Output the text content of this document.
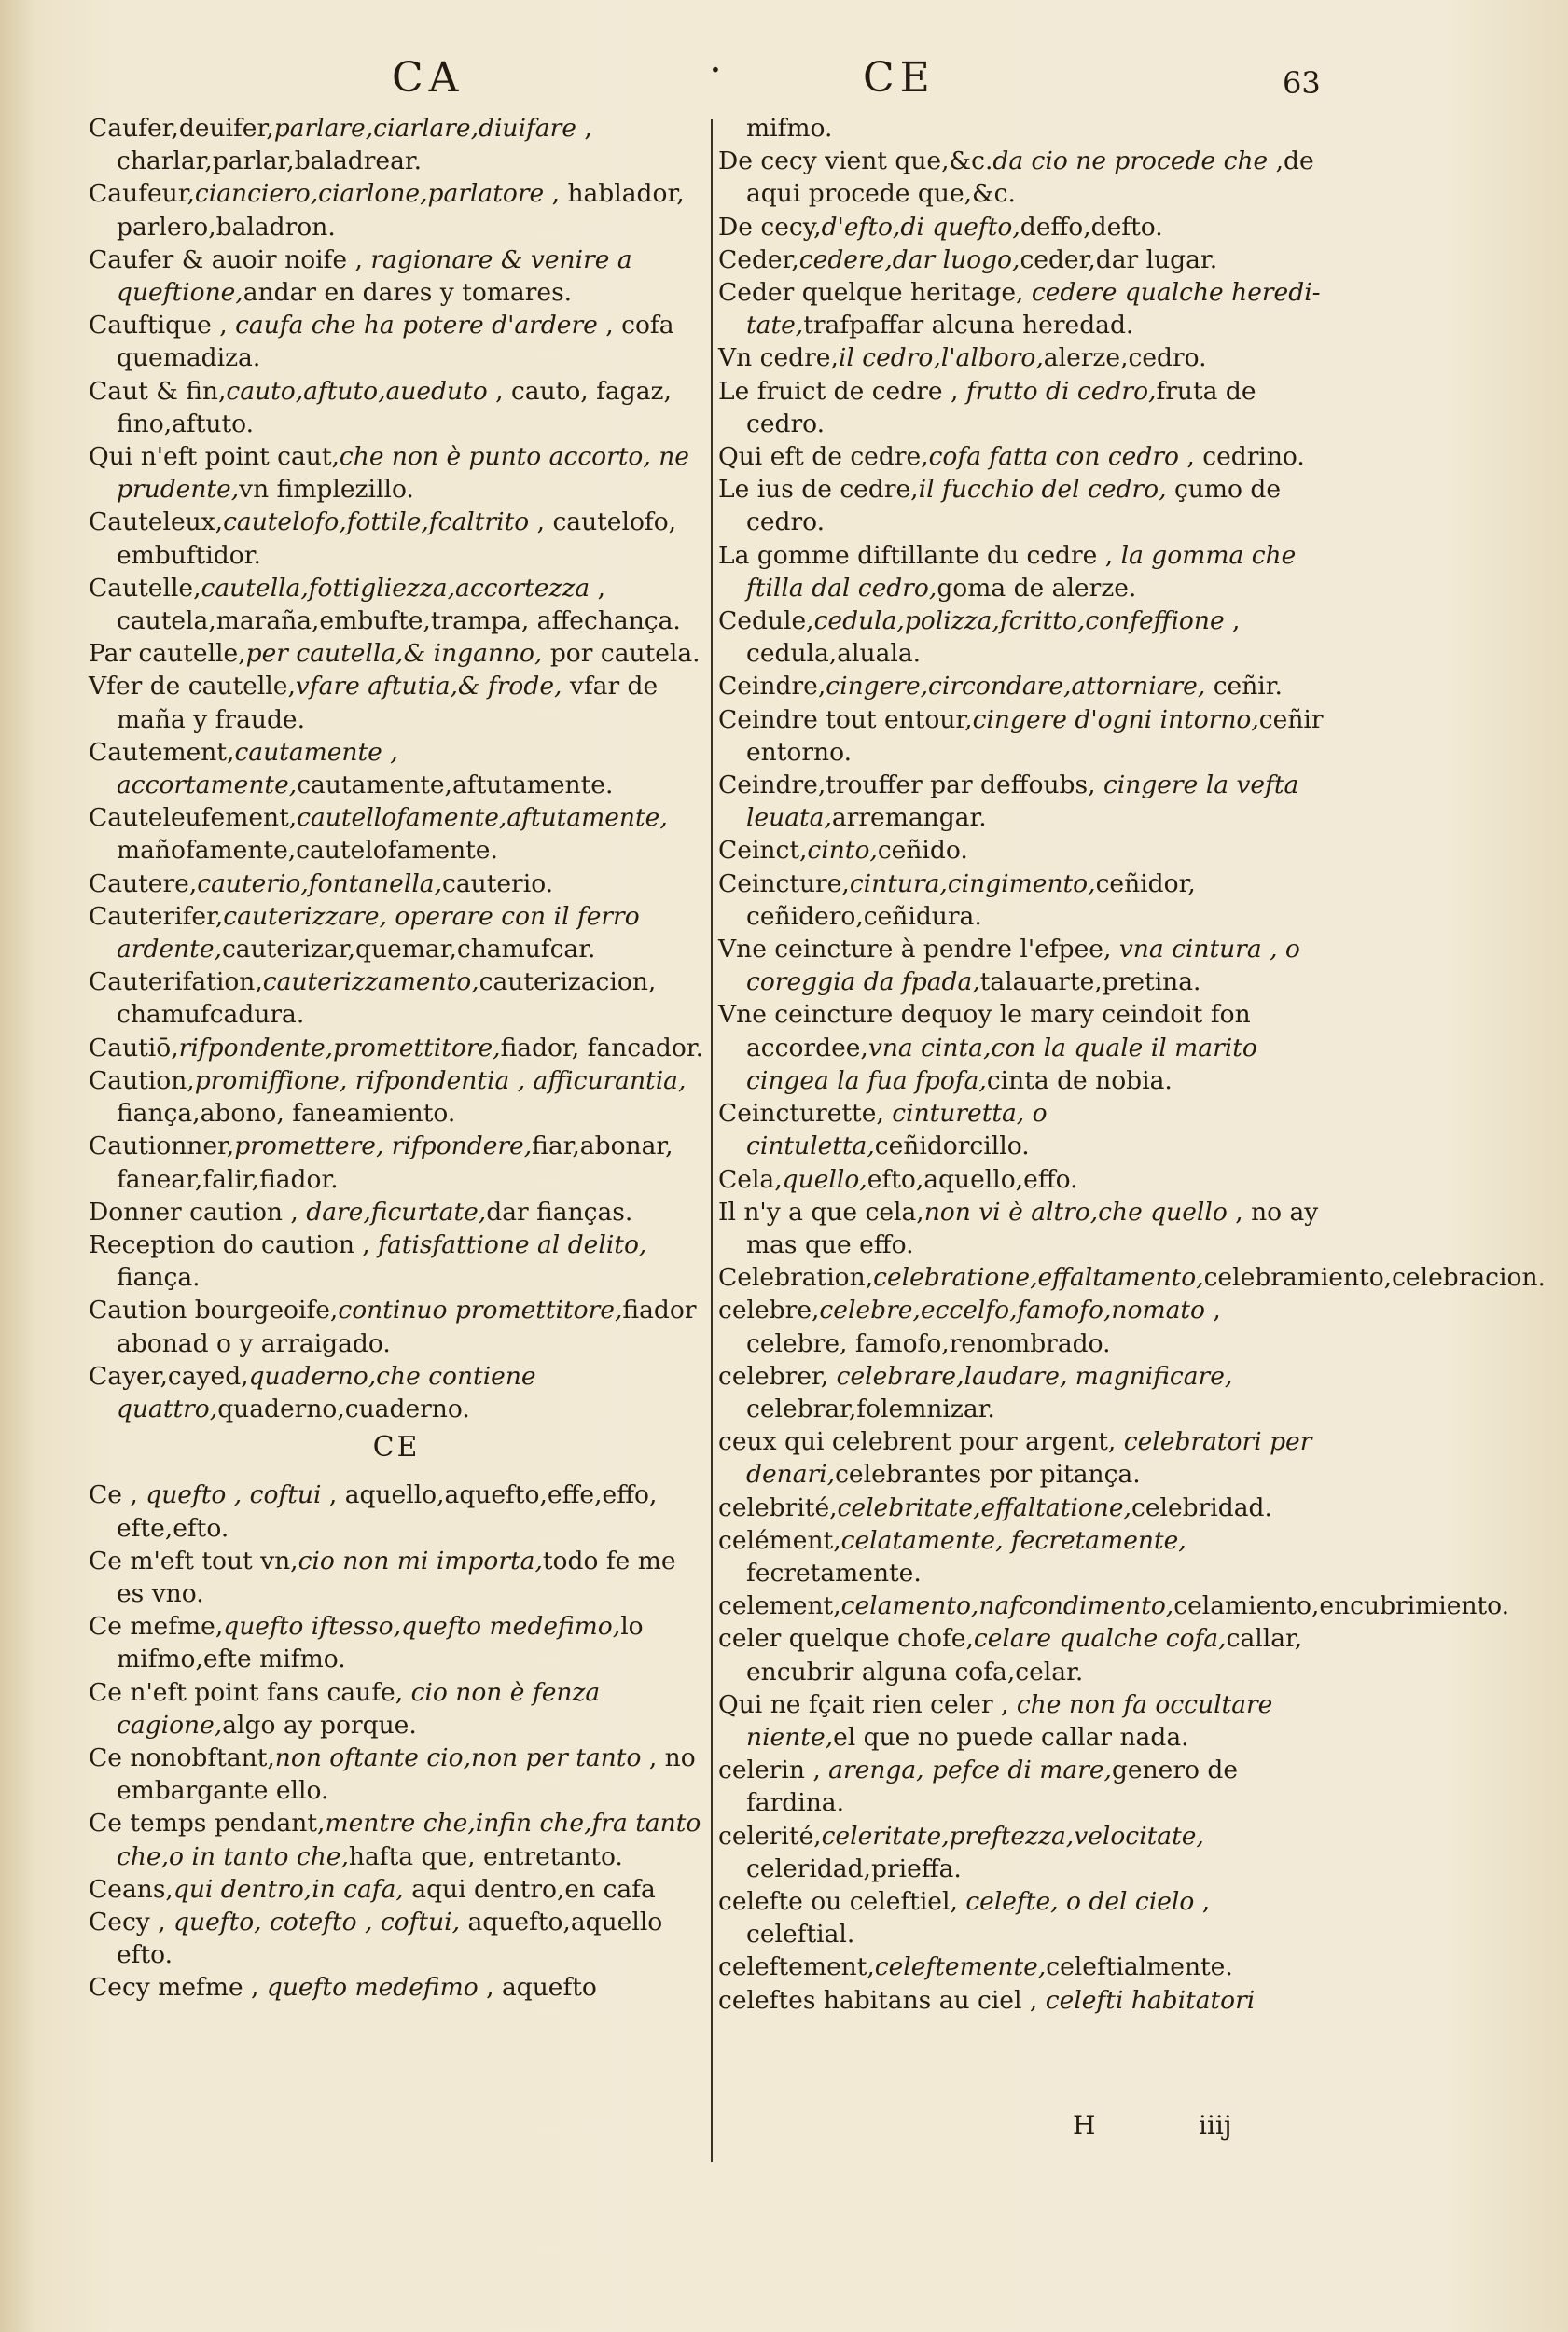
CA	·	CE	63

Caufer,deuifer,parlare,ciarlare,diuifare , charlar,parlar,baladrear.

Caufeur,cianciero,ciarlone,parlatore , hablador, parlero,baladron.

Caufer & auoir noife , ragionare & venire a queftione,andar en dares y tomares.

Cauftique , caufa che ha potere d'ardere , cofa quemadiza.

Caut & fin,cauto,aftuto,aueduto , cauto, fagaz, fino,aftuto.

Qui n'eft point caut,che non è punto accorto, ne prudente,vn fimplezillo.

Cauteleux,cautelofo,fottile,fcaltrito , cautelofo, embuftidor.

Cautelle,cautella,fottigliezza,accortezza , cautela,maraña,embufte,trampa, affechança.

Par cautelle,per cautella,& inganno, por cautela.

Vfer de cautelle,vfare aftutia,& frode, vfar de maña y fraude.

Cautement,cautamente , accortamente,cautamente,aftutamente.

Cauteleufement,cautellofamente,aftutamente, mañofamente,cautelofamente.

Cautere,cauterio,fontanella,cauterio.

Cauterifer,cauterizzare, operare con il ferro ardente,cauterizar,quemar,chamufcar.

Cauterifation,cauterizzamento,cauterizacion, chamufcadura.

Cautiō,rifpondente,promettitore,fiador, fancador.

Caution,promiffione, rifpondentia , afficurantia, fiança,abono, faneamiento.

Cautionner,promettere, rifpondere,fiar,abonar, fanear,falir,fiador.

Donner caution , dare,ficurtate,dar fianças.

Reception do caution , fatisfattione al delito, fiança.

Caution bourgeoife,continuo promettitore,fiador abonad o y arraigado.

Cayer,cayed,quaderno,che contiene quattro,quaderno,cuaderno.

CE

Ce , quefto , coftui , aquello,aquefto,effe,effo, efte,efto.

Ce m'eft tout vn,cio non mi importa,todo fe me es vno.

Ce mefme,quefto iftesso,quefto medefimo,lo mifmo,efte mifmo.

Ce n'eft point fans caufe, cio non è fenza cagione,algo ay porque.

Ce nonobftant,non oftante cio,non per tanto , no embargante ello.

Ce temps pendant,mentre che,infin che,fra tanto che,o in tanto che,hafta que, entretanto.

Ceans,qui dentro,in cafa, aqui dentro,en cafa

Cecy , quefto, cotefto , coftui, aquefto,aquello efto.

Cecy mefme , quefto medefimo , aquefto

mifmo.

De cecy vient que,&c.da cio ne procede che ,de aqui procede que,&c.

De cecy,d'efto,di quefto,deffo,defto.

Ceder,cedere,dar luogo,ceder,dar lugar.

Ceder quelque heritage, cedere qualche heredi-tate,trafpaffar alcuna heredad.

Vn cedre,il cedro,l'alboro,alerze,cedro.

Le fruict de cedre , frutto di cedro,fruta de cedro.

Qui eft de cedre,cofa fatta con cedro , cedrino.

Le ius de cedre,il fucchio del cedro, çumo de cedro.

La gomme diftillante du cedre , la gomma che ftilla dal cedro,goma de alerze.

Cedule,cedula,polizza,fcritto,confeffione , cedula,aluala.

Ceindre,cingere,circondare,attorniare, ceñir.

Ceindre tout entour,cingere d'ogni intorno,ceñir entorno.

Ceindre,trouffer par deffoubs, cingere la vefta leuata,arremangar.

Ceinct,cinto,ceñido.

Ceincture,cintura,cingimento,ceñidor, ceñidero,ceñidura.

Vne ceincture à pendre l'efpee, vna cintura , o coreggia da fpada,talauarte,pretina.

Vne ceincture dequoy le mary ceindoit fon accordee,vna cinta,con la quale il marito cingea la fua fpofa,cinta de nobia.

Ceincturette, cinturetta, o cintuletta,ceñidorcillo.

Cela,quello,efto,aquello,effo.

Il n'y a que cela,non vi è altro,che quello , no ay mas que effo.

Celebration,celebratione,effaltamento,celebramiento,celebracion.

celebre,celebre,eccelfo,famofo,nomato , celebre, famofo,renombrado.

celebrer, celebrare,laudare, magnificare, celebrar,folemnizar.

ceux qui celebrent pour argent, celebratori per denari,celebrantes por pitança.

celebrité,celebritate,effaltatione,celebridad.

celément,celatamente, fecretamente, fecretamente.

celement,celamento,nafcondimento,celamiento,encubrimiento.

celer quelque chofe,celare qualche cofa,callar, encubrir alguna cofa,celar.

Qui ne fçait rien celer , che non fa occultare niente,el que no puede callar nada.

celerin , arenga, pefce di mare,genero de fardina.

celerité,celeritate,preftezza,velocitate, celeridad,prieffa.

celefte ou celeftiel, celefte, o del cielo , celeftial.

celeftement,celeftemente,celeftialmente.

celeftes habitans au ciel , celefti habitatori

H	iiij
